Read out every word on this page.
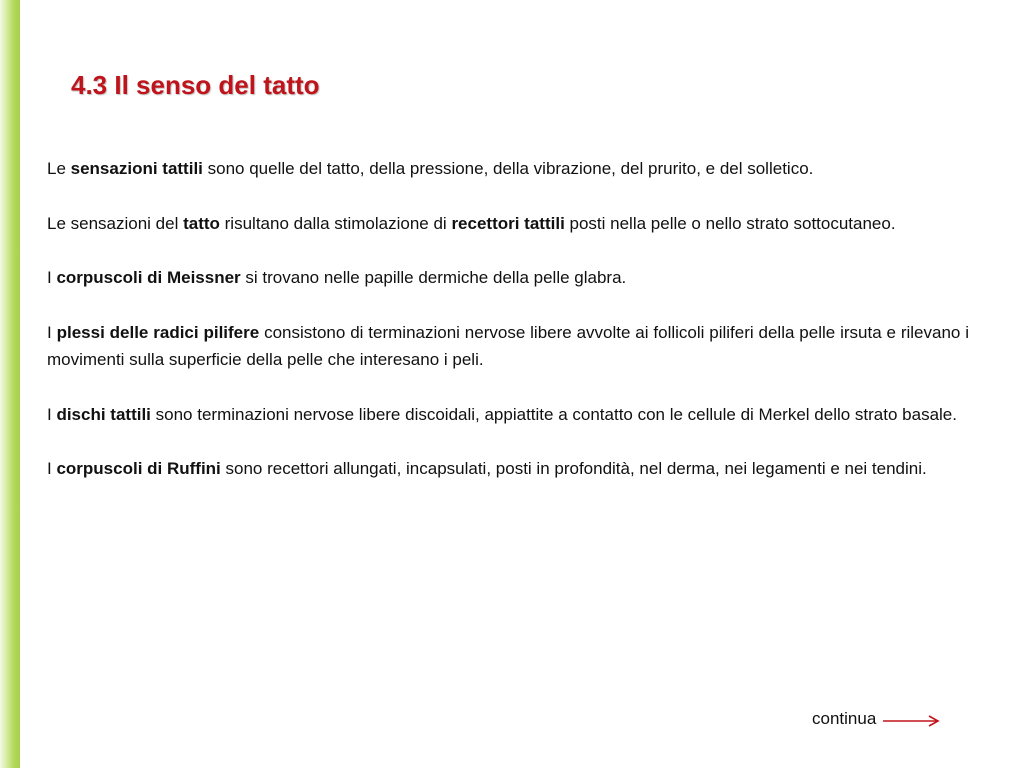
4.3 Il senso del tatto

Le sensazioni tattili sono quelle del tatto, della pressione, della vibrazione, del prurito, e del solletico.

Le sensazioni del tatto risultano dalla stimolazione di recettori tattili posti nella pelle o nello strato sottocutaneo.

I corpuscoli di Meissner si trovano nelle papille dermiche della pelle glabra.

I plessi delle radici pilifere consistono di terminazioni nervose libere avvolte ai follicoli piliferi della pelle irsuta e rilevano i movimenti sulla superficie della pelle che interesano i peli.

I dischi tattili sono terminazioni nervose libere discoidali, appiattite a contatto con le cellule di Merkel dello strato basale.

I corpuscoli di Ruffini sono recettori allungati, incapsulati, posti in profondità, nel derma, nei legamenti e nei tendini.

continua
